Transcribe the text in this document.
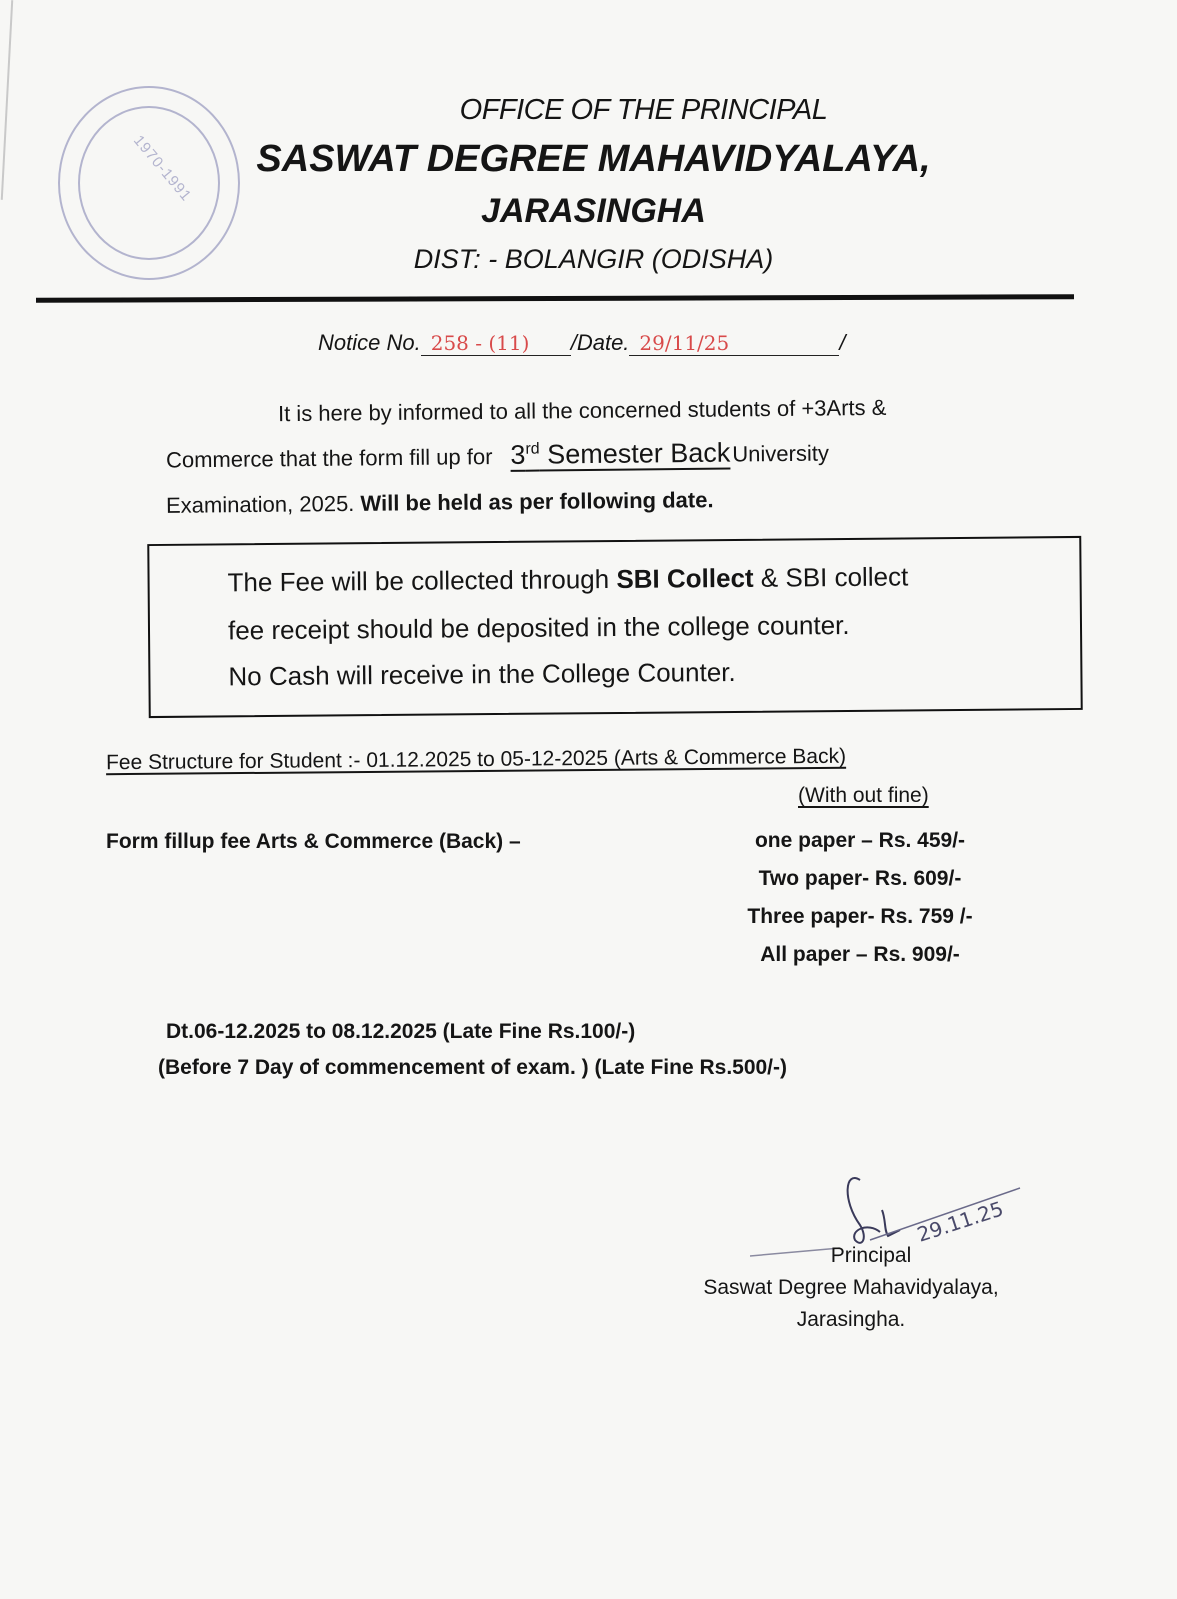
1970-1991
OFFICE OF THE PRINCIPAL
SASWAT DEGREE MAHAVIDYALAYA,
JARASINGHA
DIST: - BOLANGIR (ODISHA)
Notice No. 258 - (11) /Date. 29/11/25	/
It is here by informed to all the concerned students of +3Arts &
Commerce that the form fill up for 3rd Semester BackUniversity
Examination, 2025. Will be held as per following date.
The Fee will be collected through SBI Collect & SBI collect
fee receipt should be deposited in the college counter.
No Cash will receive in the College Counter.
Fee Structure for Student :- 01.12.2025 to 05-12-2025 (Arts & Commerce Back)
(With out fine)
Form fillup fee Arts & Commerce (Back) –	one paper – Rs. 459/-
Two paper- Rs. 609/-
Three paper- Rs. 759 /-
All paper – Rs. 909/-
Dt.06-12.2025 to 08.12.2025 (Late Fine Rs.100/-)
(Before 7 Day of commencement of exam. ) (Late Fine Rs.500/-)
29.11.25
Principal
Saswat Degree Mahavidyalaya,
Jarasingha.
